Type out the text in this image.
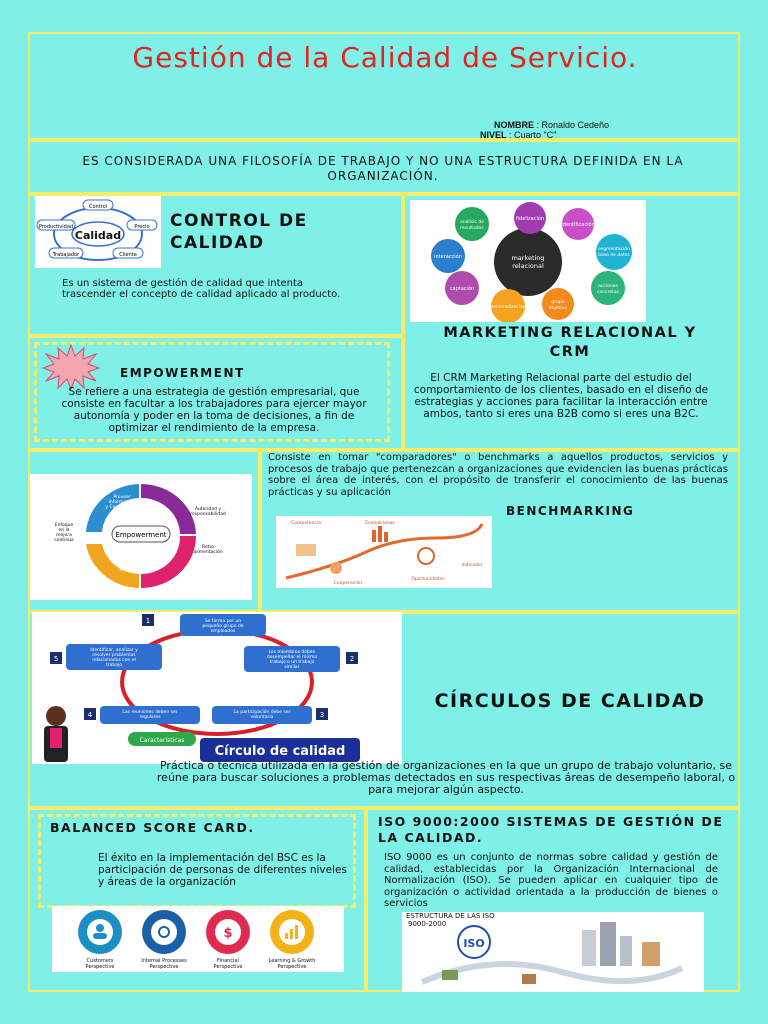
Gestión de la Calidad de Servicio.
NOMBRE : Ronaldo Cedeño
NIVEL : Cuarto "C"
ES CONSIDERADA UNA FILOSOFÍA DE TRABAJO Y NO UNA ESTRUCTURA DEFINIDA EN LA ORGANIZACIÓN.
Calidad
Control
Precio
Cliente
Trabajador
Productividad	CONTROL DE CALIDAD
Es un sistema de gestión de calidad que intenta trascender el concepto de calidad aplicado al producto.
marketing relacional
fidelización
identificación
segmentación base de datos
acciones concretas
grupo objetivo
personalización
captación
interacción
análisis de resultados
MARKETING RELACIONAL Y CRM
El CRM Marketing Relacional parte del estudio del comportamiento de los clientes, basado en el diseño de estrategias y acciones para facilitar la interacción entre ambos, tanto si eres una B2B como si eres una B2C.
EMPOWERMENT
Se refiere a una estrategia de gestión empresarial, que consiste en facultar a los trabajadores para ejercer mayor autonomía y poder en la toma de decisiones, a fin de optimizar el rendimiento de la empresa.
Empowerment
Proveer Información y Capacitación	Autoridad y responsabilidad
Retro alimentación
Confiar en el equipo
Enfoque en la mejora continua
Consiste en tomar "comparadores" o benchmarks a aquellos productos, servicios y procesos de trabajo que pertenezcan a organizaciones que evidencien las buenas prácticas sobre el área de interés, con el propósito de transferir el conocimiento de las buenas prácticas y su aplicación
BENCHMARKING
Competencia	Evaluaciones
Indicador
Oportunidades
Cooperación
Se forma por un pequeño grupo de empleados
1
Los miembros deben desempeñar el mismo trabajo o un trabajo similar
2
La participación debe ser voluntaria	3
Las reuniones deben ser regulares
4
Identificar, analizar y resolver problemas relacionados con el trabajo
5
Características
Círculo de calidad
CÍRCULOS DE CALIDAD
Práctica o técnica utilizada en la gestión de organizaciones en la que un grupo de trabajo voluntario, se reúne para buscar soluciones a problemas detectados en sus respectivas áreas de desempeño laboral, o para mejorar algún aspecto.
BALANCED SCORE CARD.
El éxito en la implementación del BSC es la participación de personas de diferentes niveles y áreas de la organización
$
Customers Perspective
Internal Processes Perspective
Financial Perspective
Learning & Growth Perspective
ISO 9000:2000 SISTEMAS DE GESTIÓN DE LA CALIDAD.
ISO 9000 es un conjunto de normas sobre calidad y gestión de calidad, establecidas por la Organización Internacional de Normalización (ISO). Se pueden aplicar en cualquier tipo de organización o actividad orientada a la producción de bienes o servicios
ESTRUCTURA DE LAS ISO
9000-2000
ISO
